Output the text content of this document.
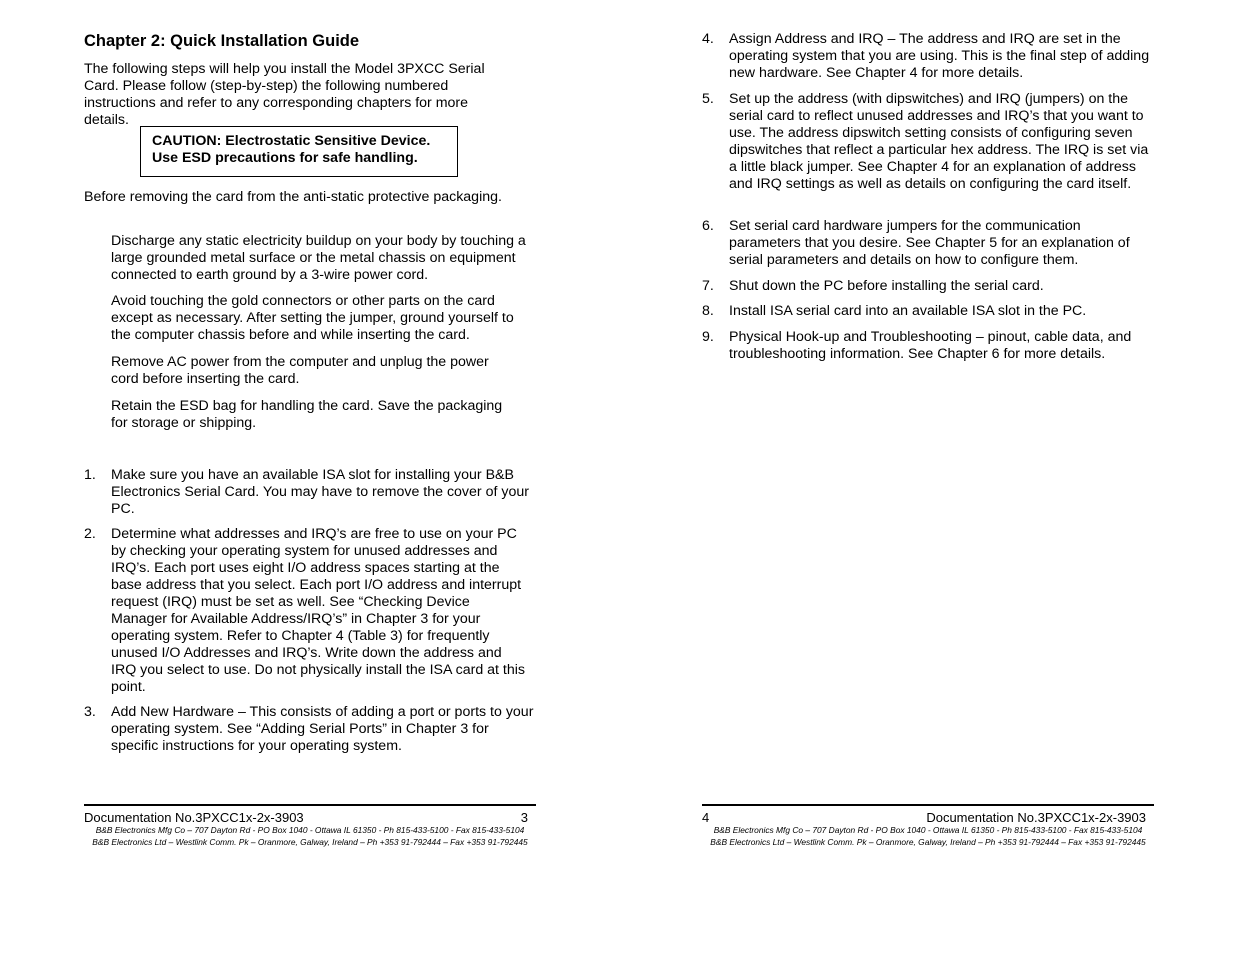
Chapter 2: Quick Installation Guide

The following steps will help you install the Model 3PXCC Serial Card. Please follow (step-by-step) the following numbered instructions and refer to any corresponding chapters for more details.

CAUTION: Electrostatic Sensitive Device.
Use ESD precautions for safe handling.

Before removing the card from the anti-static protective packaging.

Discharge any static electricity buildup on your body by touching a large grounded metal surface or the metal chassis on equipment connected to earth ground by a 3-wire power cord.

Avoid touching the gold connectors or other parts on the card except as necessary. After setting the jumper, ground yourself to the computer chassis before and while inserting the card.

Remove AC power from the computer and unplug the power cord before inserting the card.

Retain the ESD bag for handling the card. Save the packaging for storage or shipping.

1. Make sure you have an available ISA slot for installing your B&B Electronics Serial Card. You may have to remove the cover of your PC.
2. Determine what addresses and IRQ’s are free to use on your PC by checking your operating system for unused addresses and IRQ’s. Each port uses eight I/O address spaces starting at the base address that you select. Each port I/O address and interrupt request (IRQ) must be set as well. See “Checking Device Manager for Available Address/IRQ’s” in Chapter 3 for your operating system. Refer to Chapter 4 (Table 3) for frequently unused I/O Addresses and IRQ’s. Write down the address and IRQ you select to use. Do not physically install the ISA card at this point.
3. Add New Hardware – This consists of adding a port or ports to your operating system. See “Adding Serial Ports” in Chapter 3 for specific instructions for your operating system.
Documentation No.3PXCC1x-2x-3903	3
B&B Electronics Mfg Co – 707 Dayton Rd - PO Box 1040 - Ottawa IL 61350 - Ph 815-433-5100 - Fax 815-433-5104
B&B Electronics Ltd – Westlink Comm. Pk – Oranmore, Galway, Ireland – Ph +353 91-792444 – Fax +353 91-792445
4. Assign Address and IRQ – The address and IRQ are set in the operating system that you are using. This is the final step of adding new hardware. See Chapter 4 for more details.
5. Set up the address (with dipswitches) and IRQ (jumpers) on the serial card to reflect unused addresses and IRQ’s that you want to use. The address dipswitch setting consists of configuring seven dipswitches that reflect a particular hex address. The IRQ is set via a little black jumper. See Chapter 4 for an explanation of address and IRQ settings as well as details on configuring the card itself.
6. Set serial card hardware jumpers for the communication parameters that you desire. See Chapter 5 for an explanation of serial parameters and details on how to configure them.
7. Shut down the PC before installing the serial card.
8. Install ISA serial card into an available ISA slot in the PC.
9. Physical Hook-up and Troubleshooting – pinout, cable data, and troubleshooting information. See Chapter 6 for more details.
4	Documentation No.3PXCC1x-2x-3903
B&B Electronics Mfg Co – 707 Dayton Rd - PO Box 1040 - Ottawa IL 61350 - Ph 815-433-5100 - Fax 815-433-5104
B&B Electronics Ltd – Westlink Comm. Pk – Oranmore, Galway, Ireland – Ph +353 91-792444 – Fax +353 91-792445
